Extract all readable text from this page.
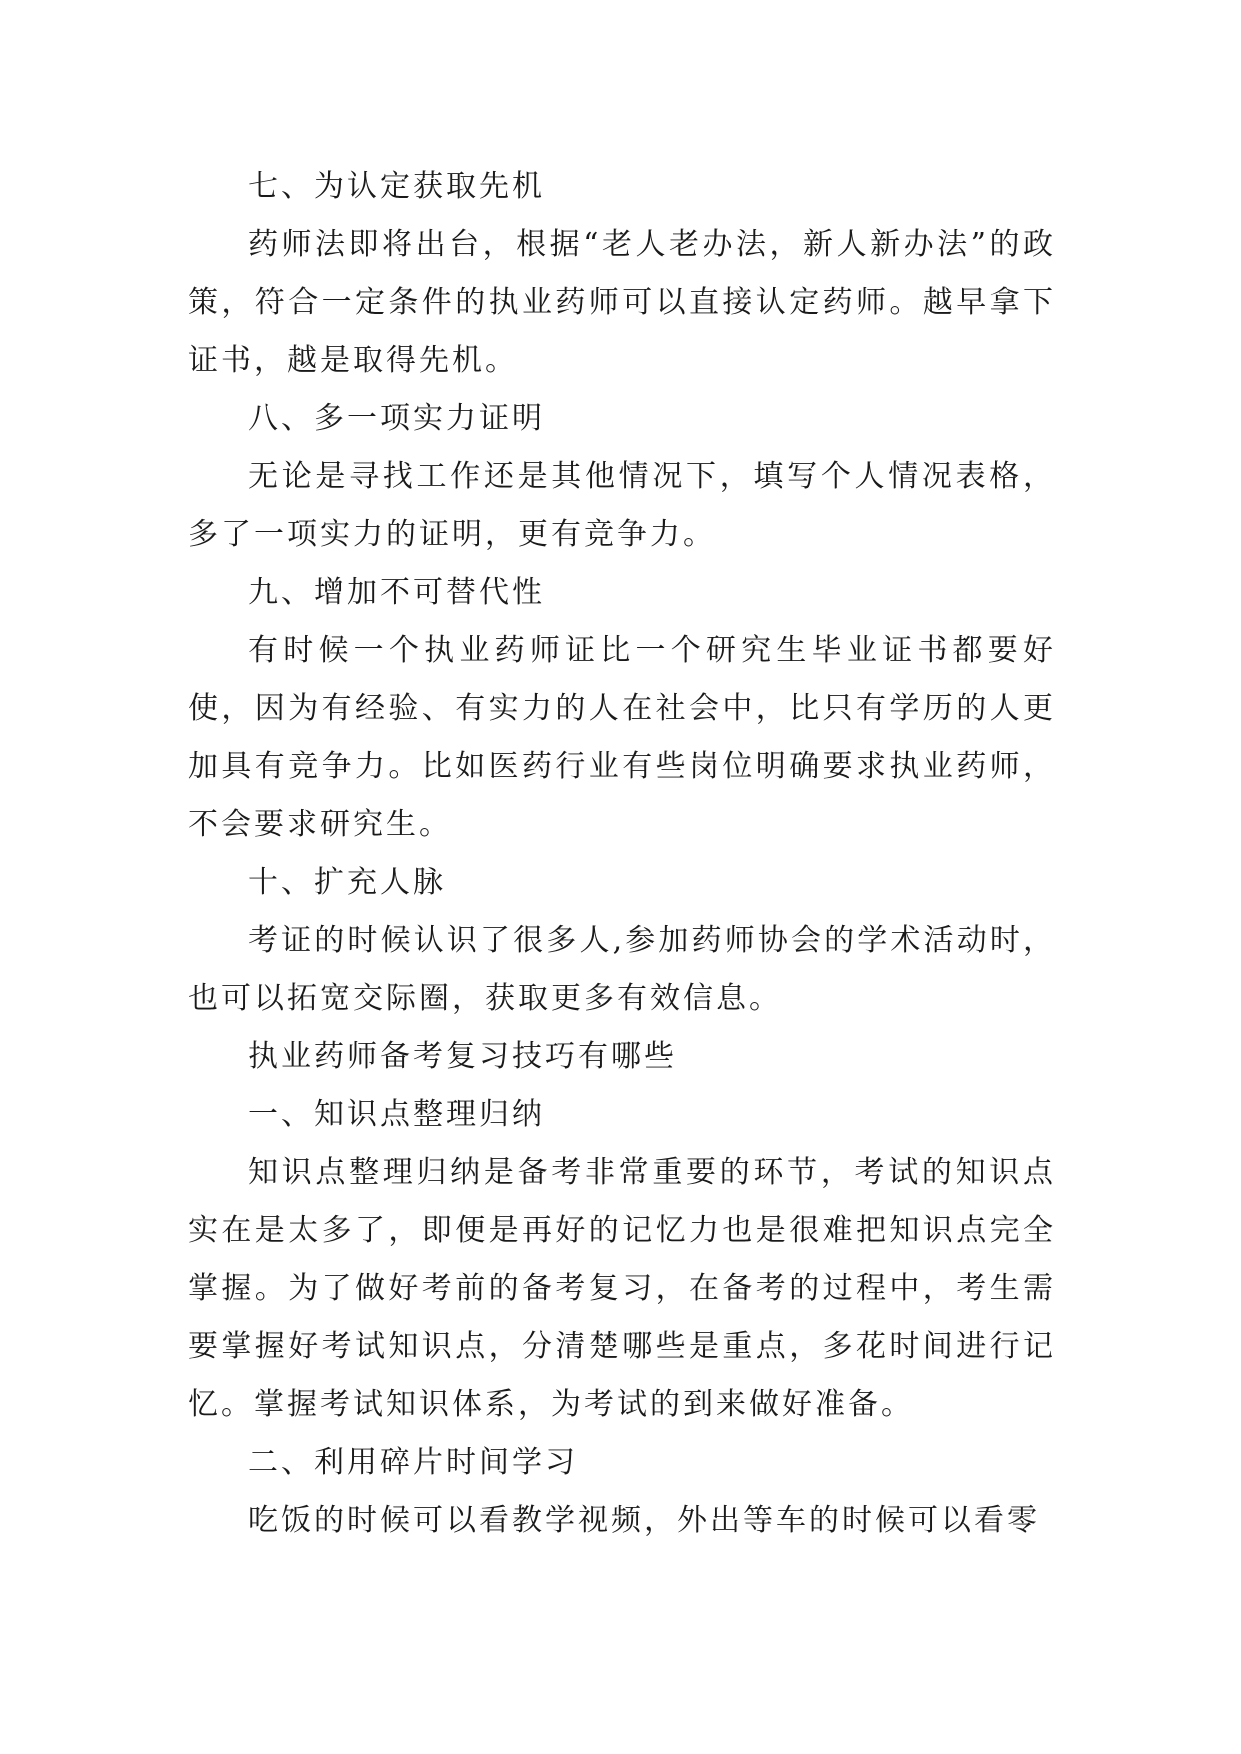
七、为认定获取先机

药师法即将出台，根据“老人老办法，新人新办法”的政策，符合一定条件的执业药师可以直接认定药师。越早拿下证书，越是取得先机。

八、多一项实力证明

无论是寻找工作还是其他情况下，填写个人情况表格，多了一项实力的证明，更有竞争力。

九、增加不可替代性

有时候一个执业药师证比一个研究生毕业证书都要好使，因为有经验、有实力的人在社会中，比只有学历的人更加具有竞争力。比如医药行业有些岗位明确要求执业药师，不会要求研究生。

十、扩充人脉

考证的时候认识了很多人,参加药师协会的学术活动时，也可以拓宽交际圈，获取更多有效信息。

执业药师备考复习技巧有哪些

一、知识点整理归纳

知识点整理归纳是备考非常重要的环节，考试的知识点实在是太多了，即便是再好的记忆力也是很难把知识点完全掌握。为了做好考前的备考复习，在备考的过程中，考生需要掌握好考试知识点，分清楚哪些是重点，多花时间进行记忆。掌握考试知识体系，为考试的到来做好准备。

二、利用碎片时间学习

吃饭的时候可以看教学视频，外出等车的时候可以看零
